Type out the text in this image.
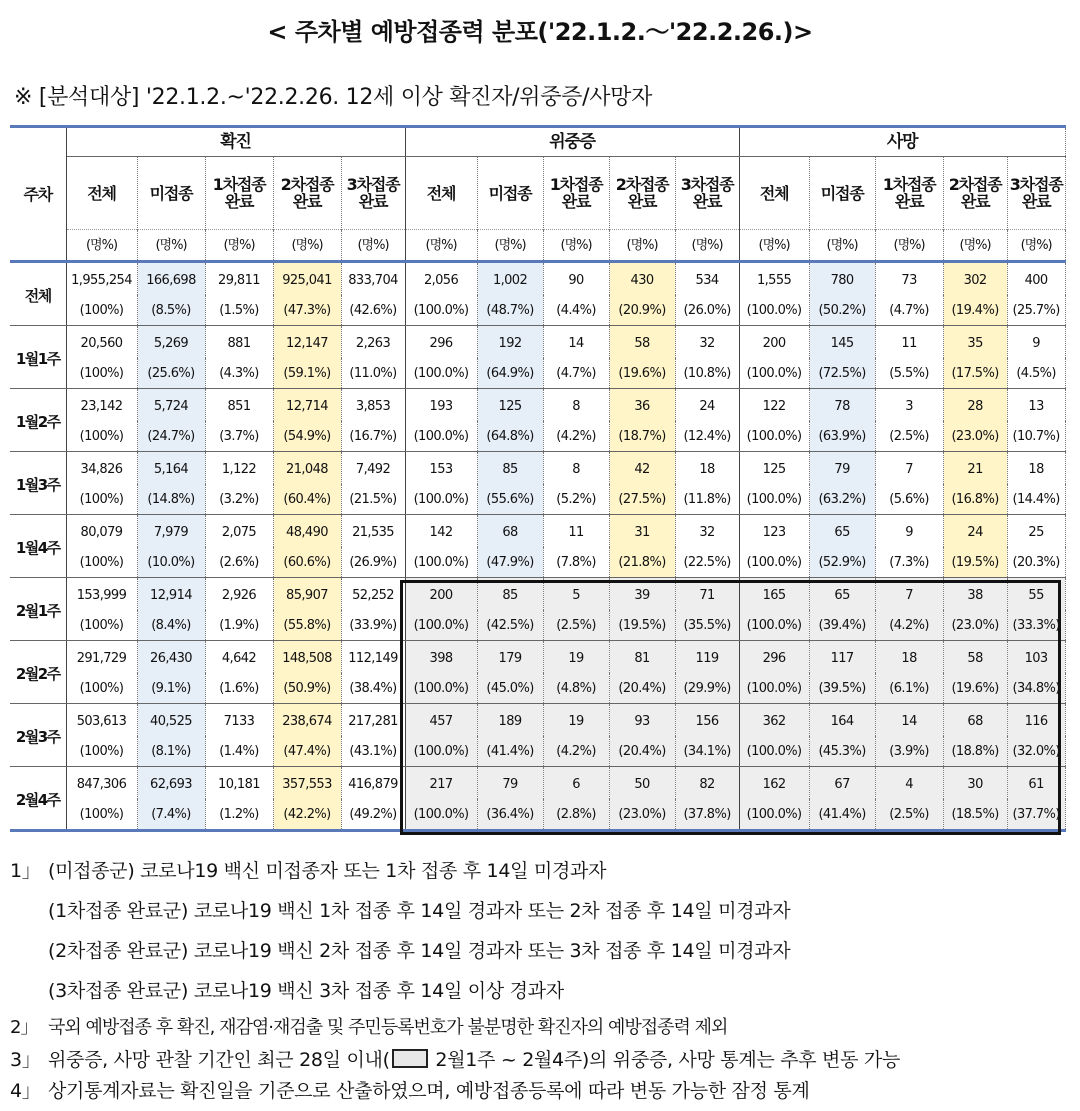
< 주차별 예방접종력 분포('22.1.2.～'22.2.26.)>
※ [분석대상] '22.1.2.~'22.2.26. 12세 이상 확진자/위중증/사망자
주차	확진					위중증					사망				
	전체	미접종	1차접종 완료	2차접종 완료	3차접종 완료	전체	미접종	1차접종 완료	2차접종 완료	3차접종 완료	전체	미접종	1차접종 완료	2차접종 완료	3차접종 완료
	(명%)	(명%)	(명%)	(명%)	(명%)	(명%)	(명%)	(명%)	(명%)	(명%)	(명%)	(명%)	(명%)	(명%)	(명%)
전체	1,955,254	166,698	29,811	925,041	833,704	2,056	1,002	90	430	534	1,555	780	73	302	400
	(100%)	(8.5%)	(1.5%)	(47.3%)	(42.6%)	(100.0%)	(48.7%)	(4.4%)	(20.9%)	(26.0%)	(100.0%)	(50.2%)	(4.7%)	(19.4%)	(25.7%)
1월1주	20,560	5,269	881	12,147	2,263	296	192	14	58	32	200	145	11	35	9
	(100%)	(25.6%)	(4.3%)	(59.1%)	(11.0%)	(100.0%)	(64.9%)	(4.7%)	(19.6%)	(10.8%)	(100.0%)	(72.5%)	(5.5%)	(17.5%)	(4.5%)
1월2주	23,142	5,724	851	12,714	3,853	193	125	8	36	24	122	78	3	28	13
	(100%)	(24.7%)	(3.7%)	(54.9%)	(16.7%)	(100.0%)	(64.8%)	(4.2%)	(18.7%)	(12.4%)	(100.0%)	(63.9%)	(2.5%)	(23.0%)	(10.7%)
1월3주	34,826	5,164	1,122	21,048	7,492	153	85	8	42	18	125	79	7	21	18
	(100%)	(14.8%)	(3.2%)	(60.4%)	(21.5%)	(100.0%)	(55.6%)	(5.2%)	(27.5%)	(11.8%)	(100.0%)	(63.2%)	(5.6%)	(16.8%)	(14.4%)
1월4주	80,079	7,979	2,075	48,490	21,535	142	68	11	31	32	123	65	9	24	25
	(100%)	(10.0%)	(2.6%)	(60.6%)	(26.9%)	(100.0%)	(47.9%)	(7.8%)	(21.8%)	(22.5%)	(100.0%)	(52.9%)	(7.3%)	(19.5%)	(20.3%)
2월1주	153,999	12,914	2,926	85,907	52,252	200	85	5	39	71	165	65	7	38	55
	(100%)	(8.4%)	(1.9%)	(55.8%)	(33.9%)	(100.0%)	(42.5%)	(2.5%)	(19.5%)	(35.5%)	(100.0%)	(39.4%)	(4.2%)	(23.0%)	(33.3%)
2월2주	291,729	26,430	4,642	148,508	112,149	398	179	19	81	119	296	117	18	58	103
	(100%)	(9.1%)	(1.6%)	(50.9%)	(38.4%)	(100.0%)	(45.0%)	(4.8%)	(20.4%)	(29.9%)	(100.0%)	(39.5%)	(6.1%)	(19.6%)	(34.8%)
2월3주	503,613	40,525	7133	238,674	217,281	457	189	19	93	156	362	164	14	68	116
	(100%)	(8.1%)	(1.4%)	(47.4%)	(43.1%)	(100.0%)	(41.4%)	(4.2%)	(20.4%)	(34.1%)	(100.0%)	(45.3%)	(3.9%)	(18.8%)	(32.0%)
2월4주	847,306	62,693	10,181	357,553	416,879	217	79	6	50	82	162	67	4	30	61
	(100%)	(7.4%)	(1.2%)	(42.2%)	(49.2%)	(100.0%)	(36.4%)	(2.8%)	(23.0%)	(37.8%)	(100.0%)	(41.4%)	(2.5%)	(18.5%)	(37.7%)
1」 (미접종군) 코로나19 백신 미접종자 또는 1차 접종 후 14일 미경과자
(1차접종 완료군) 코로나19 백신 1차 접종 후 14일 경과자 또는 2차 접종 후 14일 미경과자
(2차접종 완료군) 코로나19 백신 2차 접종 후 14일 경과자 또는 3차 접종 후 14일 미경과자
(3차접종 완료군) 코로나19 백신 3차 접종 후 14일 이상 경과자
2」 국외 예방접종 후 확진, 재감염·재검출 및 주민등록번호가 불분명한 확진자의 예방접종력 제외
3」 위중증, 사망 관찰 기간인 최근 28일 이내( 2월1주 ~ 2월4주)의 위중증, 사망 통계는 추후 변동 가능
4」 상기통계자료는 확진일을 기준으로 산출하였으며, 예방접종등록에 따라 변동 가능한 잠정 통계
